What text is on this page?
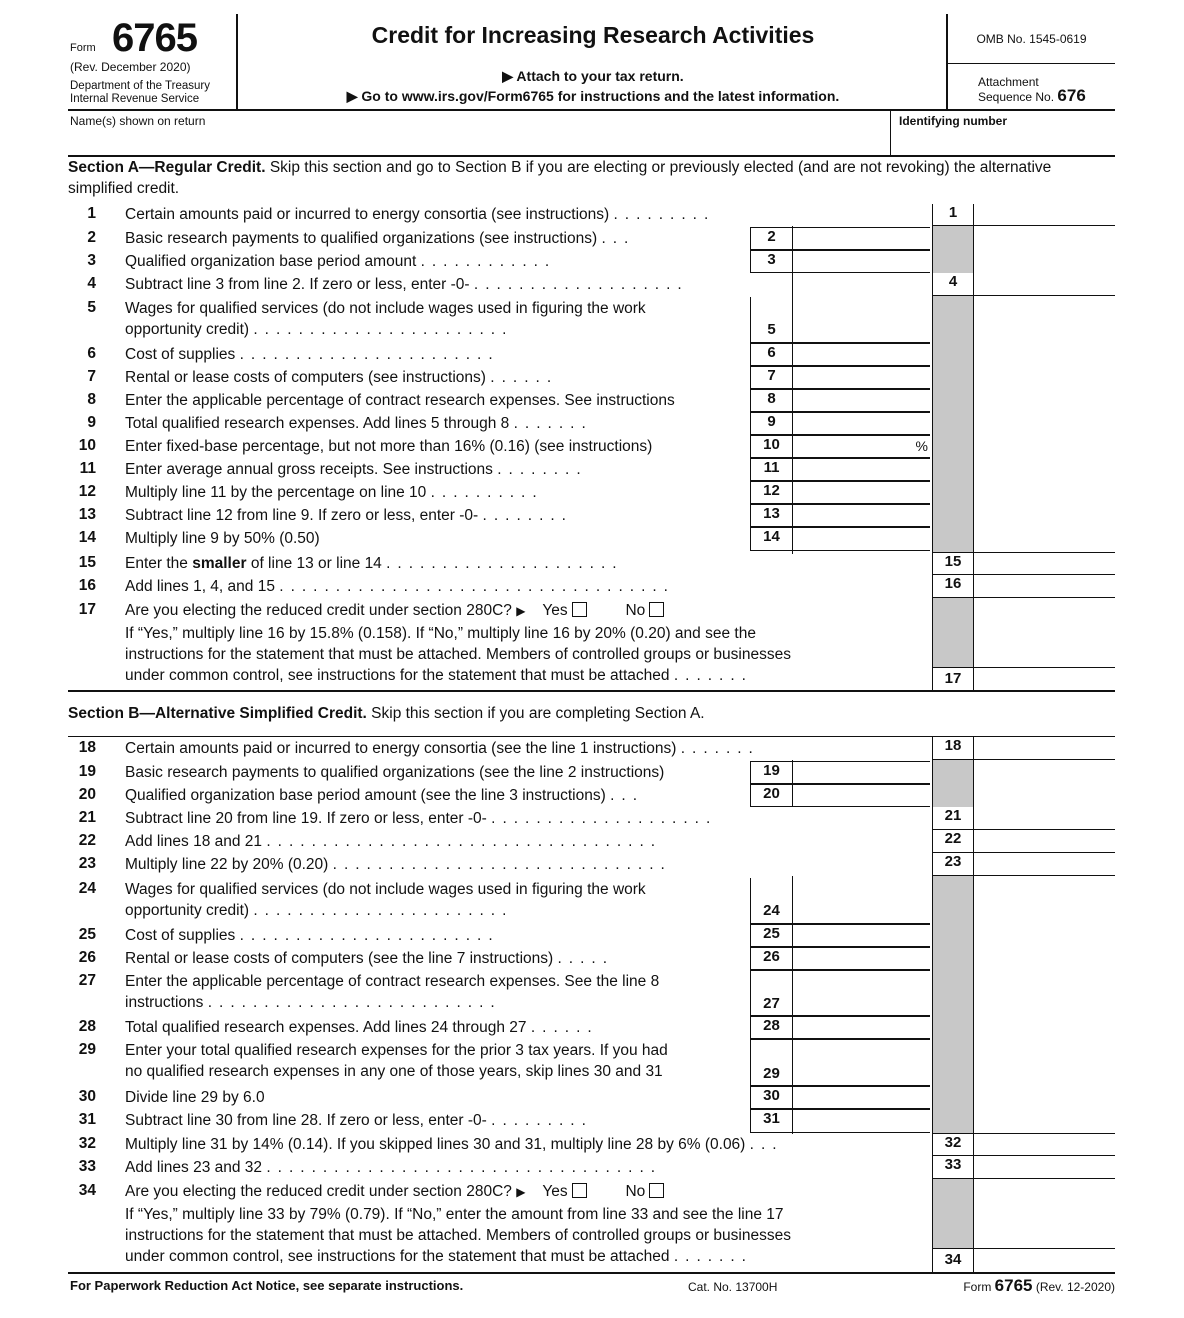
Form 6765
(Rev. December 2020)
Department of the Treasury
Internal Revenue Service
Credit for Increasing Research Activities
▶ Attach to your tax return.
▶ Go to www.irs.gov/Form6765 for instructions and the latest information.
OMB No. 1545-0619
Attachment
Sequence No. 676
Name(s) shown on return	Identifying number
Section A—Regular Credit. Skip this section and go to Section B if you are electing or previously elected (and are not revoking) the alternative simplified credit.
1 Certain amounts paid or incurred to energy consortia (see instructions) .........	1
2 Basic research payments to qualified organizations (see instructions) ...	2
3 Qualified organization base period amount ............	3
4 Subtract line 3 from line 2. If zero or less, enter -0- ...................	4
5 Wages for qualified services (do not include wages used in figuring the work
opportunity credit) .......................	5
6 Cost of supplies .......................	6
7 Rental or lease costs of computers (see instructions) ......	7
8 Enter the applicable percentage of contract research expenses. See instructions	8
9 Total qualified research expenses. Add lines 5 through 8 .......	9
10 Enter fixed-base percentage, but not more than 16% (0.16) (see instructions)	10	%
11 Enter average annual gross receipts. See instructions ........	11
12 Multiply line 11 by the percentage on line 10 ..........	12
13 Subtract line 12 from line 9. If zero or less, enter -0- ........	13
14 Multiply line 9 by 50% (0.50)	14
15 Enter the smaller of line 13 or line 14 .....................	15
16 Add lines 1, 4, and 15 ...................................	16
17 Are you electing the reduced credit under section 280C? ▶ Yes	No
If “Yes,” multiply line 16 by 15.8% (0.158). If “No,” multiply line 16 by 20% (0.20) and see the
instructions for the statement that must be attached. Members of controlled groups or businesses
under common control, see instructions for the statement that must be attached .......	17
Section B—Alternative Simplified Credit. Skip this section if you are completing Section A.
18 Certain amounts paid or incurred to energy consortia (see the line 1 instructions) .......	18
19 Basic research payments to qualified organizations (see the line 2 instructions)	19
20 Qualified organization base period amount (see the line 3 instructions) ...	20
21 Subtract line 20 from line 19. If zero or less, enter -0- ....................	21
22 Add lines 18 and 21 ...................................	22
23 Multiply line 22 by 20% (0.20) ..............................	23
24 Wages for qualified services (do not include wages used in figuring the work
opportunity credit) .......................	24
25 Cost of supplies .......................	25
26 Rental or lease costs of computers (see the line 7 instructions) .....	26
27 Enter the applicable percentage of contract research expenses. See the line 8
instructions ..........................	27
28 Total qualified research expenses. Add lines 24 through 27 ......	28
29 Enter your total qualified research expenses for the prior 3 tax years. If you had
no qualified research expenses in any one of those years, skip lines 30 and 31	29
30 Divide line 29 by 6.0	30
31 Subtract line 30 from line 28. If zero or less, enter -0- .........	31
32 Multiply line 31 by 14% (0.14). If you skipped lines 30 and 31, multiply line 28 by 6% (0.06) ...	32
33 Add lines 23 and 32 ...................................	33
34 Are you electing the reduced credit under section 280C? ▶ Yes	No
If “Yes,” multiply line 33 by 79% (0.79). If “No,” enter the amount from line 33 and see the line 17
instructions for the statement that must be attached. Members of controlled groups or businesses
under common control, see instructions for the statement that must be attached .......	34
For Paperwork Reduction Act Notice, see separate instructions.	Cat. No. 13700H	Form 6765 (Rev. 12-2020)
